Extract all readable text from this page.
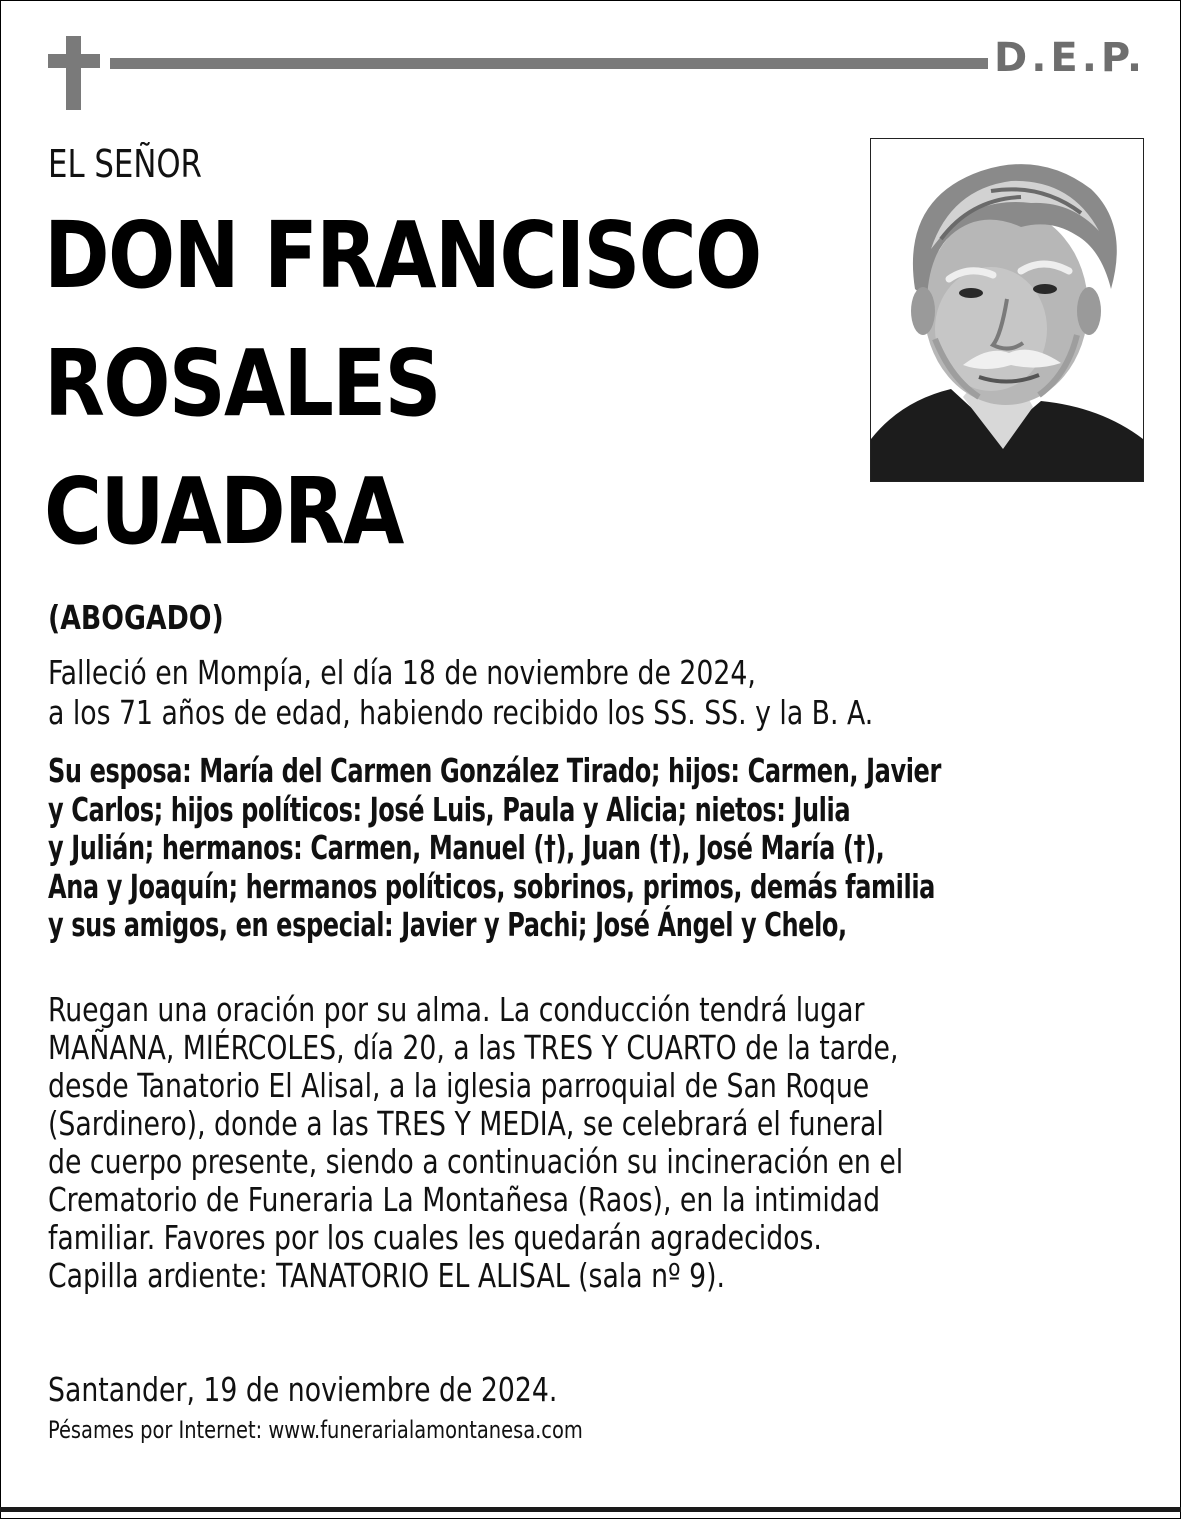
D.E.P.
EL SEÑOR
DON FRANCISCO
ROSALES
CUADRA
(ABOGADO)
Falleció en Mompía, el día 18 de noviembre de 2024,
a los 71 años de edad, habiendo recibido los SS. SS. y la B. A.
Su esposa: María del Carmen González Tirado; hijos: Carmen, Javier
y Carlos; hijos políticos: José Luis, Paula y Alicia; nietos: Julia
y Julián; hermanos: Carmen, Manuel (†), Juan (†), José María (†),
Ana y Joaquín; hermanos políticos, sobrinos, primos, demás familia
y sus amigos, en especial: Javier y Pachi; José Ángel y Chelo,
Ruegan una oración por su alma. La conducción tendrá lugar
MAÑANA, MIÉRCOLES, día 20, a las TRES Y CUARTO de la tarde,
desde Tanatorio El Alisal, a la iglesia parroquial de San Roque
(Sardinero), donde a las TRES Y MEDIA, se celebrará el funeral
de cuerpo presente, siendo a continuación su incineración en el
Crematorio de Funeraria La Montañesa (Raos), en la intimidad
familiar. Favores por los cuales les quedarán agradecidos.
Capilla ardiente: TANATORIO EL ALISAL (sala nº 9).
Santander, 19 de noviembre de 2024.
Pésames por Internet: www.funerarialamontanesa.com
